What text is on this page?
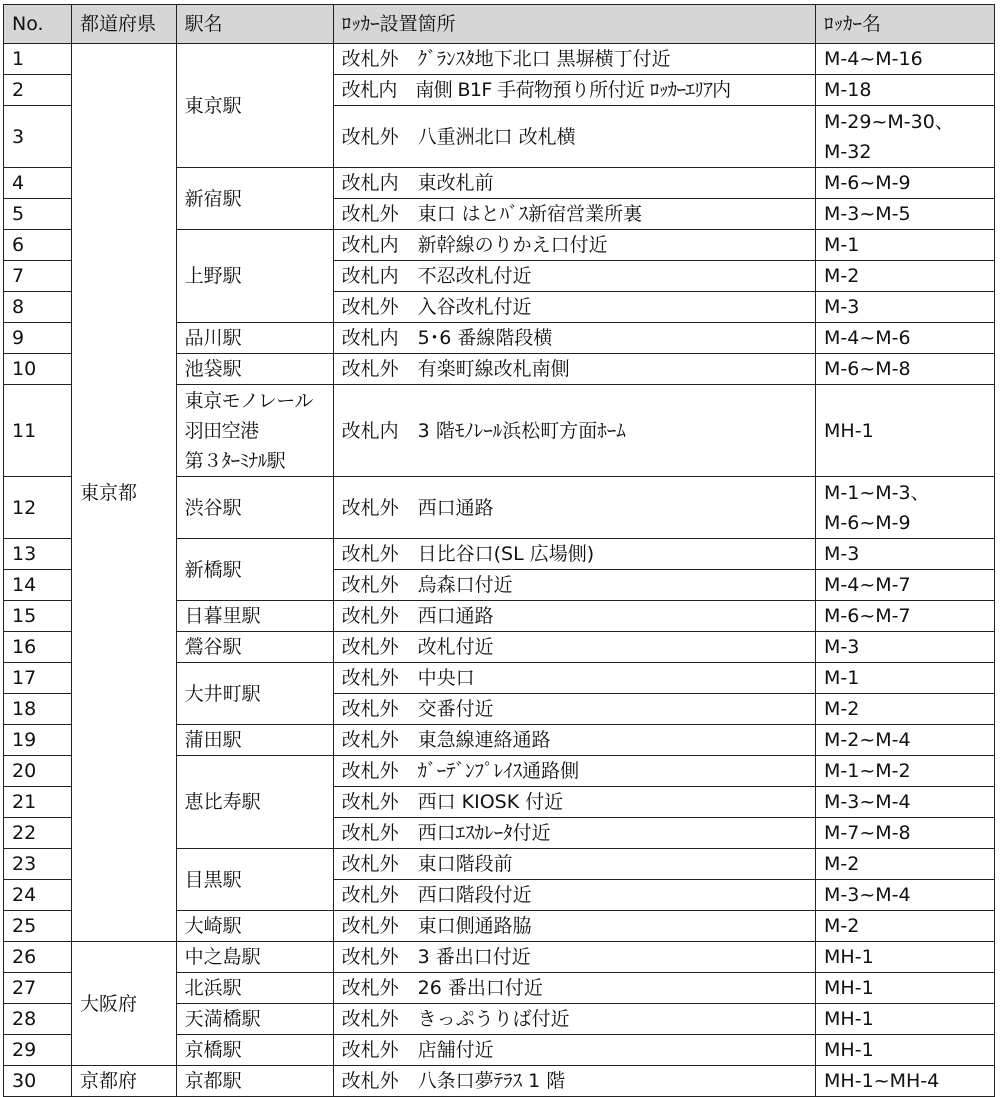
No.	都道府県	駅名	ﾛｯｶｰ設置箇所	ﾛｯｶｰ名
1	東京都	東京駅	改札外　ｸﾞﾗﾝｽﾀ地下北口 黒塀横丁付近	M-4~M-16
2			改札内　南側 B1F 手荷物預り所付近 ﾛｯｶｰｴﾘｱ内	M-18
3			改札外　八重洲北口 改札横	M-29~M-30、
M-32

4		新宿駅	改札内　東改札前	M-6~M-9
5			改札外　東口 はとﾊﾞｽ新宿営業所裏	M-3~M-5
6		上野駅	改札内　新幹線のりかえ口付近	M-1
7			改札内　不忍改札付近	M-2
8			改札外　入谷改札付近	M-3
9		品川駅	改札内　5･6 番線階段横	M-4~M-6
10		池袋駅	改札外　有楽町線改札南側	M-6~M-8
11		東京モノレール
羽田空港
第３ﾀｰﾐﾅﾙ駅	改札内　3 階ﾓﾉﾚｰﾙ浜松町方面ﾎｰﾑ	MH-1
12		渋谷駅	改札外　西口通路	M-1~M-3、
M-6~M-9

13		新橋駅	改札外　日比谷口(SL 広場側)	M-3
14			改札外　烏森口付近	M-4~M-7
15		日暮里駅	改札外　西口通路	M-6~M-7
16		鶯谷駅	改札外　改札付近	M-3
17		大井町駅	改札外　中央口	M-1
18			改札外　交番付近	M-2
19		蒲田駅	改札外　東急線連絡通路	M-2~M-4
20		恵比寿駅	改札外　ｶﾞｰﾃﾞﾝﾌﾟﾚｲｽ通路側	M-1~M-2
21			改札外　西口 KIOSK 付近	M-3~M-4
22			改札外　西口ｴｽｶﾚｰﾀ付近	M-7~M-8
23		目黒駅	改札外　東口階段前	M-2
24			改札外　西口階段付近	M-3~M-4
25		大崎駅	改札外　東口側通路脇	M-2
26	大阪府	中之島駅	改札外　3 番出口付近	MH-1
27		北浜駅	改札外　26 番出口付近	MH-1
28		天満橋駅	改札外　きっぷうりば付近	MH-1
29		京橋駅	改札外　店舗付近	MH-1
30	京都府	京都駅	改札外　八条口夢ﾃﾗｽ 1 階	MH-1~MH-4
